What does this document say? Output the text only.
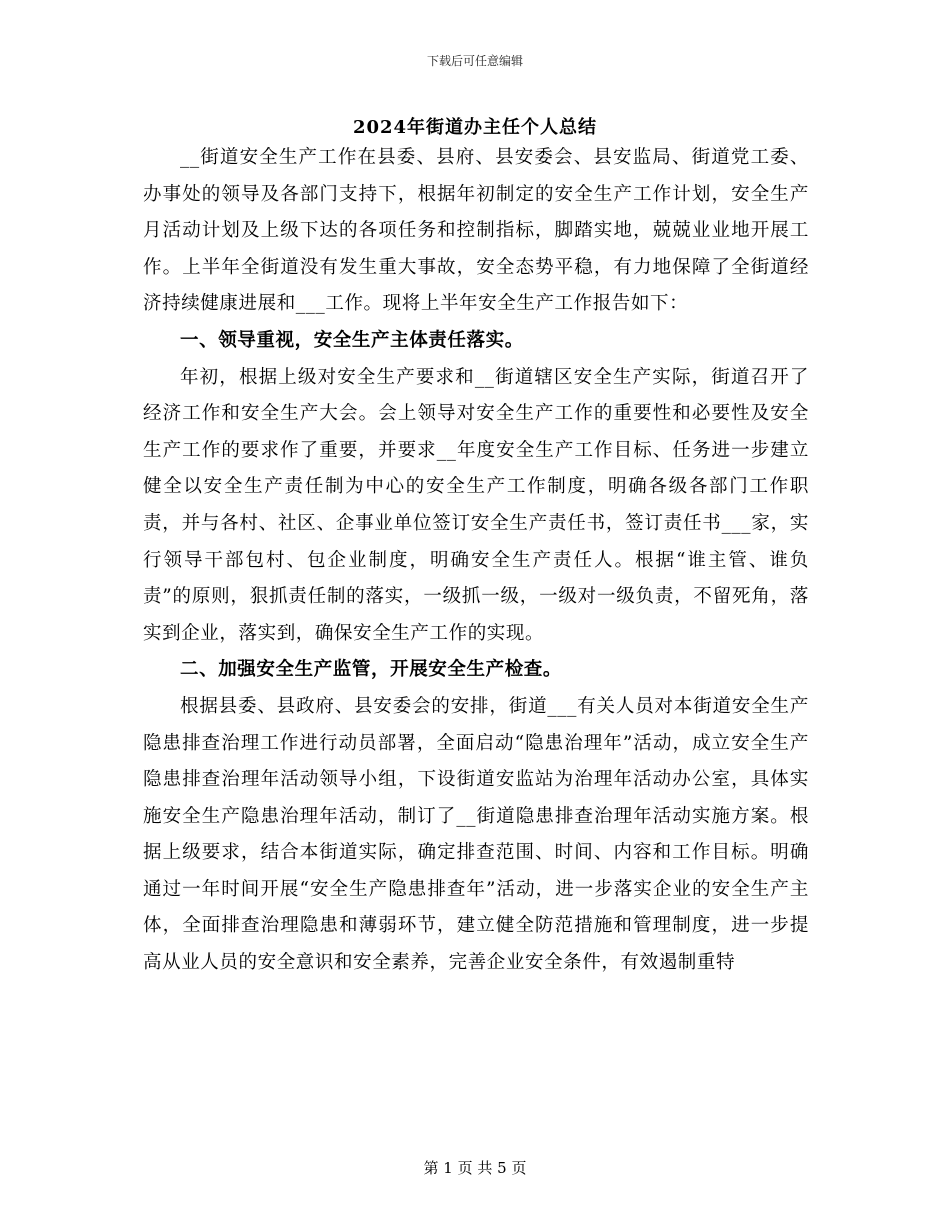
下载后可任意编辑
2024年街道办主任个人总结

__街道安全生产工作在县委、县府、县安委会、县安监局、街道党工委、办事处的领导及各部门支持下，根据年初制定的安全生产工作计划，安全生产月活动计划及上级下达的各项任务和控制指标，脚踏实地，兢兢业业地开展工作。上半年全街道没有发生重大事故，安全态势平稳，有力地保障了全街道经济持续健康进展和___工作。现将上半年安全生产工作报告如下：

一、领导重视，安全生产主体责任落实。

年初，根据上级对安全生产要求和__街道辖区安全生产实际，街道召开了经济工作和安全生产大会。会上领导对安全生产工作的重要性和必要性及安全生产工作的要求作了重要，并要求__年度安全生产工作目标、任务进一步建立健全以安全生产责任制为中心的安全生产工作制度，明确各级各部门工作职责，并与各村、社区、企事业单位签订安全生产责任书，签订责任书___家，实行领导干部包村、包企业制度，明确安全生产责任人。根据“谁主管、谁负责”的原则，狠抓责任制的落实，一级抓一级，一级对一级负责，不留死角，落实到企业，落实到，确保安全生产工作的实现。

二、加强安全生产监管，开展安全生产检查。

根据县委、县政府、县安委会的安排，街道___有关人员对本街道安全生产隐患排查治理工作进行动员部署，全面启动“隐患治理年”活动，成立安全生产隐患排查治理年活动领导小组，下设街道安监站为治理年活动办公室，具体实施安全生产隐患治理年活动，制订了__街道隐患排查治理年活动实施方案。根据上级要求，结合本街道实际，确定排查范围、时间、内容和工作目标。明确通过一年时间开展“安全生产隐患排查年”活动，进一步落实企业的安全生产主体，全面排查治理隐患和薄弱环节，建立健全防范措施和管理制度，进一步提高从业人员的安全意识和安全素养，完善企业安全条件，有效遏制重特

第 1 页 共 5 页
